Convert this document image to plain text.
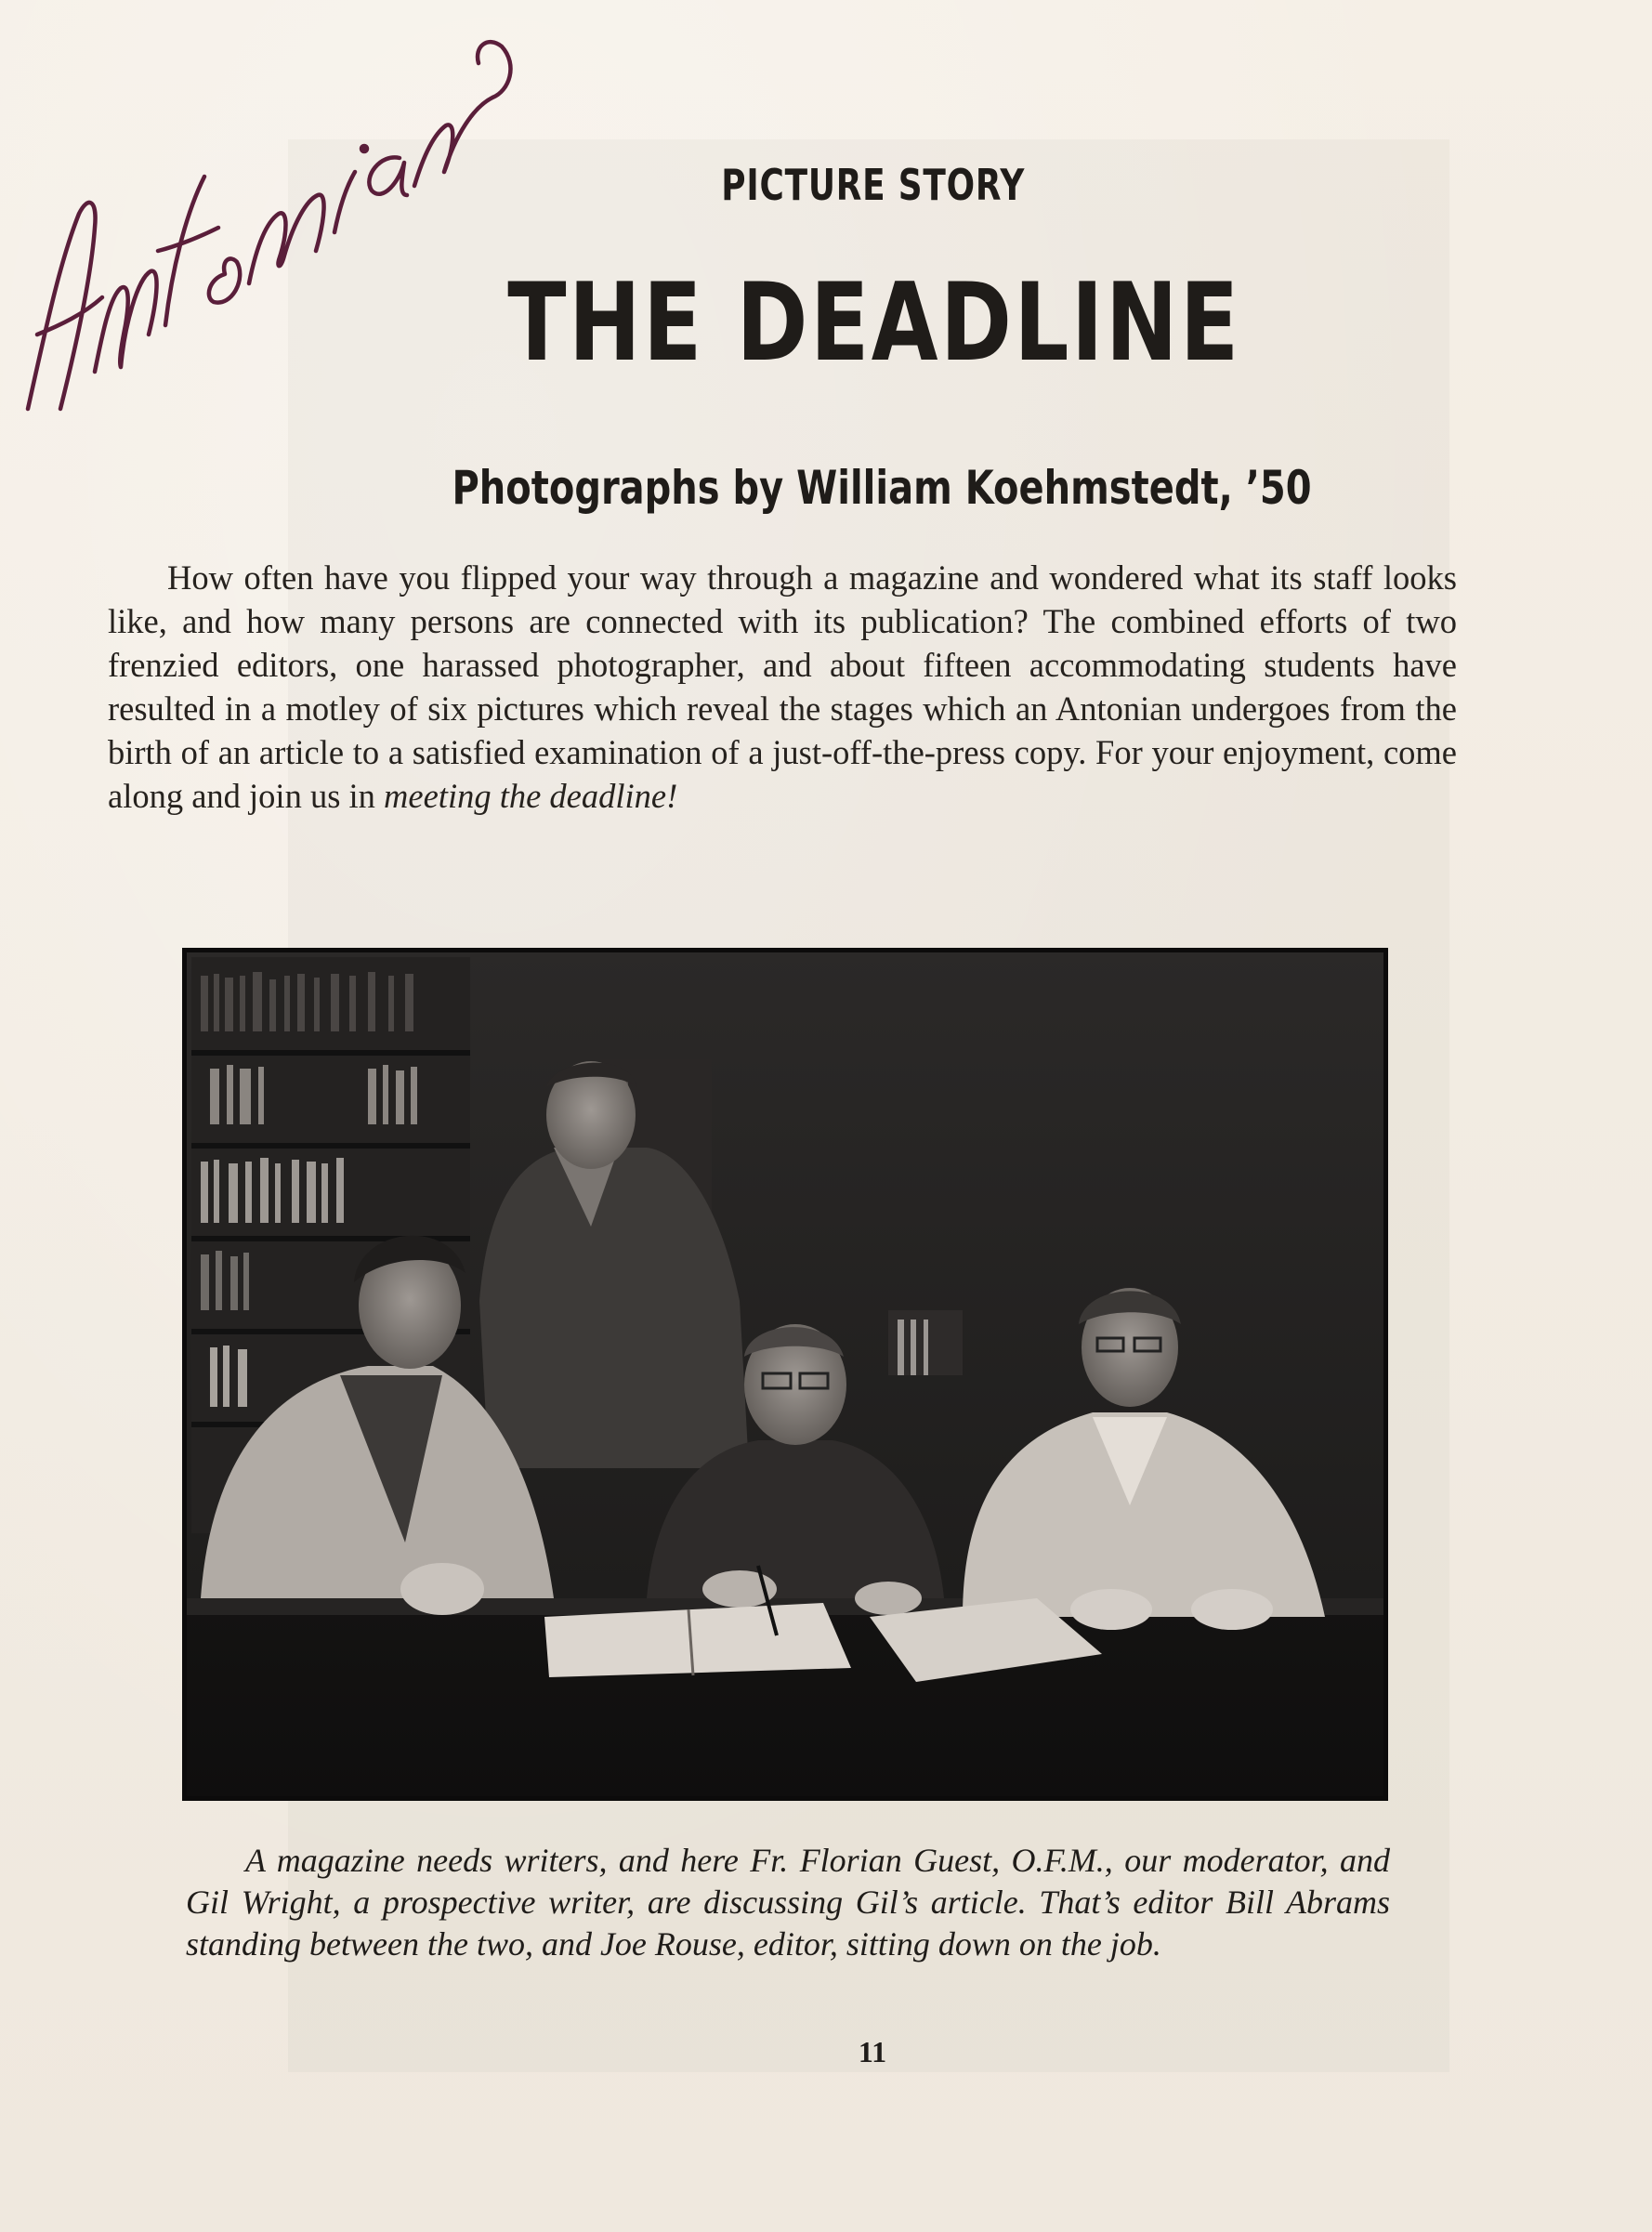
PICTURE STORY
THE DEADLINE
Photographs by William Koehmstedt, ’50
How often have you flipped your way through a magazine and wondered what its staff looks like, and how many persons are connected with its publication? The combined efforts of two frenzied editors, one harassed photographer, and about fifteen accommodating students have resulted in a motley of six pictures which reveal the stages which an Antonian undergoes from the birth of an article to a satisfied examination of a just-off-the-press copy. For your enjoyment, come along and join us in meeting the deadline!
A magazine needs writers, and here Fr. Florian Guest, O.F.M., our moderator, and Gil Wright, a prospective writer, are discussing Gil’s article. That’s editor Bill Abrams standing between the two, and Joe Rouse, editor, sitting down on the job.
11
